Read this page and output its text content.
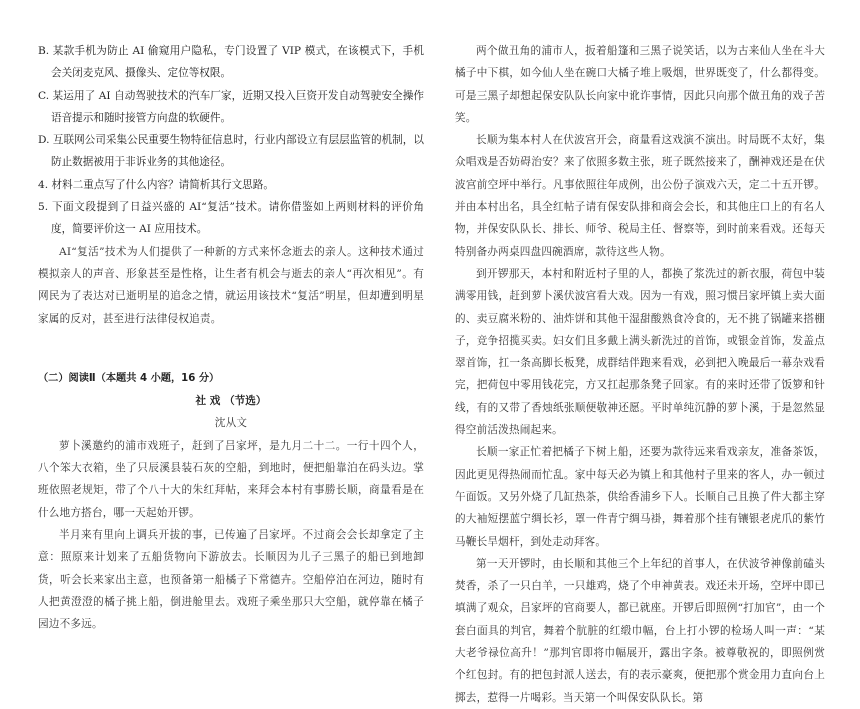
B. 某款手机为防止 AI 偷窥用户隐私，专门设置了 VIP 模式，在该模式下，手机会关闭麦克风、摄像头、定位等权限。

C. 某运用了 AI 自动驾驶技术的汽车厂家，近期又投入巨资开发自动驾驶安全操作语音提示和随时接管方向盘的软硬件。

D. 互联网公司采集公民重要生物特征信息时，行业内部设立有层层监管的机制，以防止数据被用于非诉业务的其他途径。

4. 材料二重点写了什么内容？请简析其行文思路。

5. 下面文段提到了日益兴盛的 AI“复活”技术。请你借鉴如上两则材料的评价角度，简要评价这一 AI 应用技术。

AI“复活”技术为人们提供了一种新的方式来怀念逝去的亲人。这种技术通过模拟亲人的声音、形象甚至是性格，让生者有机会与逝去的亲人“再次相见”。有网民为了表达对已逝明星的追念之情，就运用该技术“复活”明星，但却遭到明星家属的反对，甚至进行法律侵权追责。

（二）阅读Ⅱ（本题共 4 小题，16 分）

社 戏 （节选）

沈从文

萝卜溪邀约的浦市戏班子，赶到了吕家坪，是九月二十二。一行十四个人，八个笨大衣箱，坐了只辰溪县装石灰的空船，到地时，便把船靠泊在码头边。掌班依照老规矩，带了个八十大的朱红拜帖，来拜会本村有事勝长顺，商量看是在什么地方搭台，哪一天起始开锣。

半月来有里向上调兵开拔的事，已传遍了吕家坪。不过商会会长却拿定了主意：照原来计划来了五船货物向下游放去。长顺因为儿子三黑子的船已到地卸货，听会长来家出主意，也预备第一船橘子下常德卉。空船停泊在河边，随时有人把黄澄澄的橘子挑上船，倒进舱里去。戏班子乘坐那只大空船，就停靠在橘子园边不多远。

两个做丑角的浦市人，扳着船篷和三黑子说笑话，以为古来仙人坐在斗大橘子中下棋，如今仙人坐在碗口大橘子堆上吸烟，世界既变了，什么都得变。可是三黑子却想起保安队队长向家中讹诈事情，因此只向那个做丑角的戏子苦笑。

长顺为集本村人在伏波宫开会，商量看这戏演不演出。时局既不太好，集众唱戏是否妨碍治安？来了依照多数主张，班子既然接来了，酬神戏还是在伏波宫前空坪中举行。凡事依照往年成例，出公份子演戏六天，定二十五开锣。并由本村出名，具全红帖子请有保安队排和商会会长，和其他庄口上的有名人物，并保安队队长、排长、师爷、税局主任、督察等，到时前来看戏。还每天特别备办两桌四盘四碗酒席，款待这些人物。

到开锣那天，本村和附近村子里的人，都换了浆洗过的新衣服，荷包中装满零用钱，赶到萝卜溪伏波宫看大戏。因为一有戏，照习惯吕家坪镇上卖大面的、卖豆腐米粉的、油炸饼和其他干湿甜酸熟食冷食的，无不挑了锅罐来搭棚子，竞争招揽买卖。妇女们且多戴上满头新洗过的首饰，或银金首饰，发盖点翠首饰，扛一条高脚长板凳，成群结伴跑来看戏，必到把入晚最后一幕杂戏看完，把荷包中零用钱花完，方又扛起那条凳子回家。有的来时还带了饭箩和针线，有的又带了香烛纸张顺便敬神还愿。平时单纯沉静的萝卜溪，于是忽然显得空前活泼热闹起来。

长顺一家正忙着把橘子下树上船，还要为款待远来看戏亲友，准备茶饭，因此更见得热闹而忙乱。家中每天必为镇上和其他村子里来的客人，办一顿过午面饭。又另外烧了几缸热茶，供给香浦乡下人。长顺自己且换了件大都主穿的大袖短摆蓝宁绸长衫，罩一件青宁绸马褂，舞着那个挂有镶银老虎爪的紫竹马鞭长旱烟杆，到处走动拜客。

第一天开锣时，由长顺和其他三个上年纪的首事人，在伏波爷神像前磕头焚香，杀了一只白羊，一只雄鸡，烧了个申神黄表。戏还未开场，空坪中即已填满了观众，吕家坪的官商要人，都已就座。开锣后即照例“打加官”，由一个套白面具的判官，舞着个肮脏的红缎巾幅，台上打小锣的检场人叫一声：“某大老爷禄位高升！”那判官即将巾幅展开，露出字条。被尊敬祝的，即照例赏个红包封。有的把包封派人送去，有的表示豪爽，便把那个赏金用力直向台上掷去，惹得一片喝彩。当天第一个叫保安队队长。第
